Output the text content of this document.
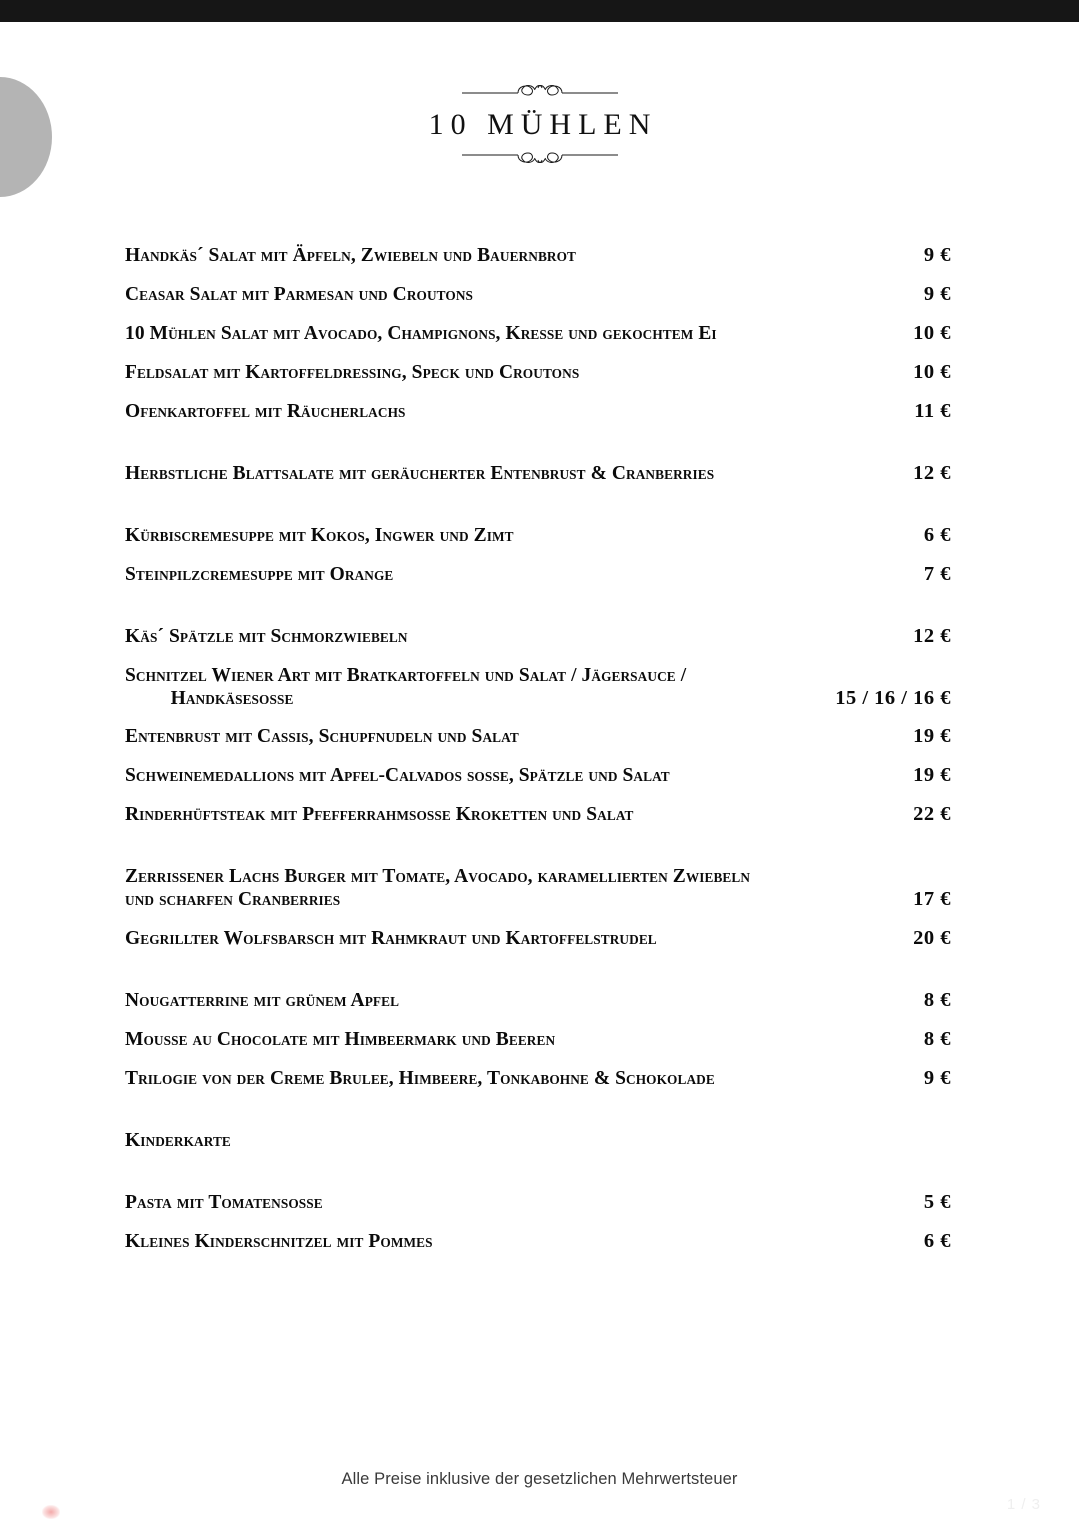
10 MÜHLEN
Handkäs´ Salat mit Äpfeln, Zwiebeln und Bauernbrot	9 €
Ceasar Salat mit Parmesan und Croutons	9 €
10 Mühlen Salat mit Avocado, Champignons, Kresse und gekochtem Ei	10 €
Feldsalat mit Kartoffeldressing, Speck und Croutons	10 €
Ofenkartoffel mit Räucherlachs	11 €
Herbstliche Blattsalate mit geräucherter Entenbrust & Cranberries	12 €
Kürbiscremesuppe mit Kokos, Ingwer und Zimt	6 €
Steinpilzcremesuppe mit Orange	7 €
Käs´ Spätzle mit Schmorzwiebeln	12 €
Schnitzel Wiener Art mit Bratkartoffeln und Salat / Jägersauce /
Handkäsesosse	15 / 16 / 16 €
Entenbrust mit Cassis, Schupfnudeln und Salat	19 €
Schweinemedallions mit Apfel-Calvados sosse, Spätzle und Salat	19 €
Rinderhüftsteak mit Pfefferrahmsosse Kroketten und Salat	22 €
Zerrissener Lachs Burger mit Tomate, Avocado, karamellierten Zwiebeln
und scharfen Cranberries	17 €
Gegrillter Wolfsbarsch mit Rahmkraut und Kartoffelstrudel	20 €
Nougatterrine mit grünem Apfel	8 €
Mousse au Chocolate mit Himbeermark und Beeren	8 €
Trilogie von der Creme Brulee, Himbeere, Tonkabohne & Schokolade	9 €
Kinderkarte
Pasta mit Tomatensosse	5 €
Kleines Kinderschnitzel mit Pommes	6 €
Alle Preise inklusive der gesetzlichen Mehrwertsteuer
1 / 3
